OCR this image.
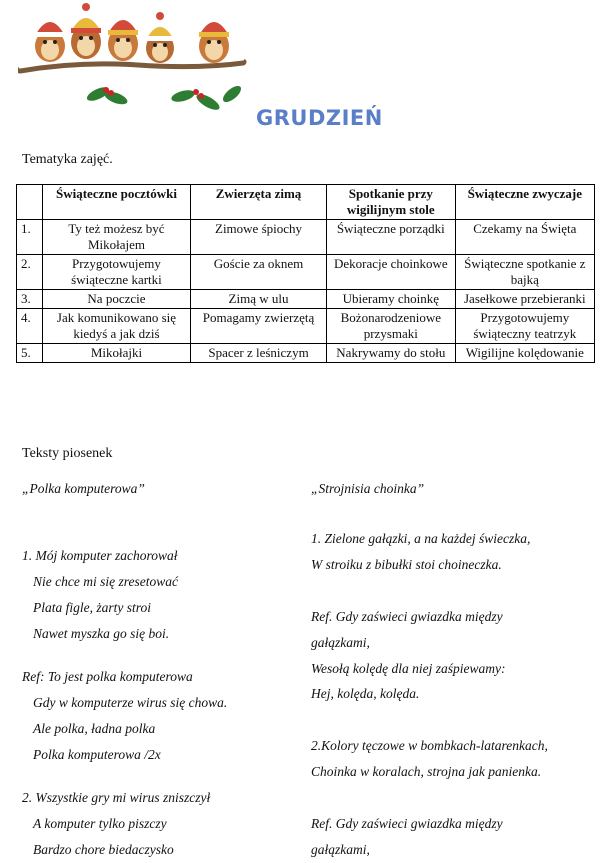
GRUDZIEŃ
Tematyka zajęć.
	Świąteczne pocztówki	Zwierzęta zimą	Spotkanie przy wigilijnym stole	Świąteczne zwyczaje
1.	Ty też możesz być Mikołajem	Zimowe śpiochy	Świąteczne porządki	Czekamy na Święta
2.	Przygotowujemy świąteczne kartki	Goście za oknem	Dekoracje choinkowe	Świąteczne spotkanie z bajką
3.	Na poczcie	Zimą w ulu	Ubieramy choinkę	Jasełkowe przebieranki
4.	Jak komunikowano się kiedyś a jak dziś	Pomagamy zwierzętą	Bożonarodzeniowe przysmaki	Przygotowujemy świąteczny teatrzyk
5.	Mikołajki	Spacer z leśniczym	Nakrywamy do stołu	Wigilijne kolędowanie
Teksty piosenek
„Polka komputerowa”
1. Mój komputer zachorował
Nie chce mi się zresetować
Plata figle, żarty stroi
Nawet myszka go się boi.
Ref: To jest polka komputerowa
Gdy w komputerze wirus się chowa.
Ale polka, ładna polka
Polka komputerowa /2x
2. Wszystkie gry mi wirus zniszczył
A komputer tylko piszczy
Bardzo chore biedaczysko
„Strojnisia choinka”
1. Zielone gałązki, a na każdej świeczka,
W stroiku z bibułki stoi choineczka.
Ref. Gdy zaświeci gwiazdka między
gałązkami,
Wesołą kolędę dla niej zaśpiewamy:
Hej, kolęda, kolęda.
2.Kolory tęczowe w bombkach-latarenkach,
Choinka w koralach, strojna jak panienka.
Ref. Gdy zaświeci gwiazdka między
gałązkami,
